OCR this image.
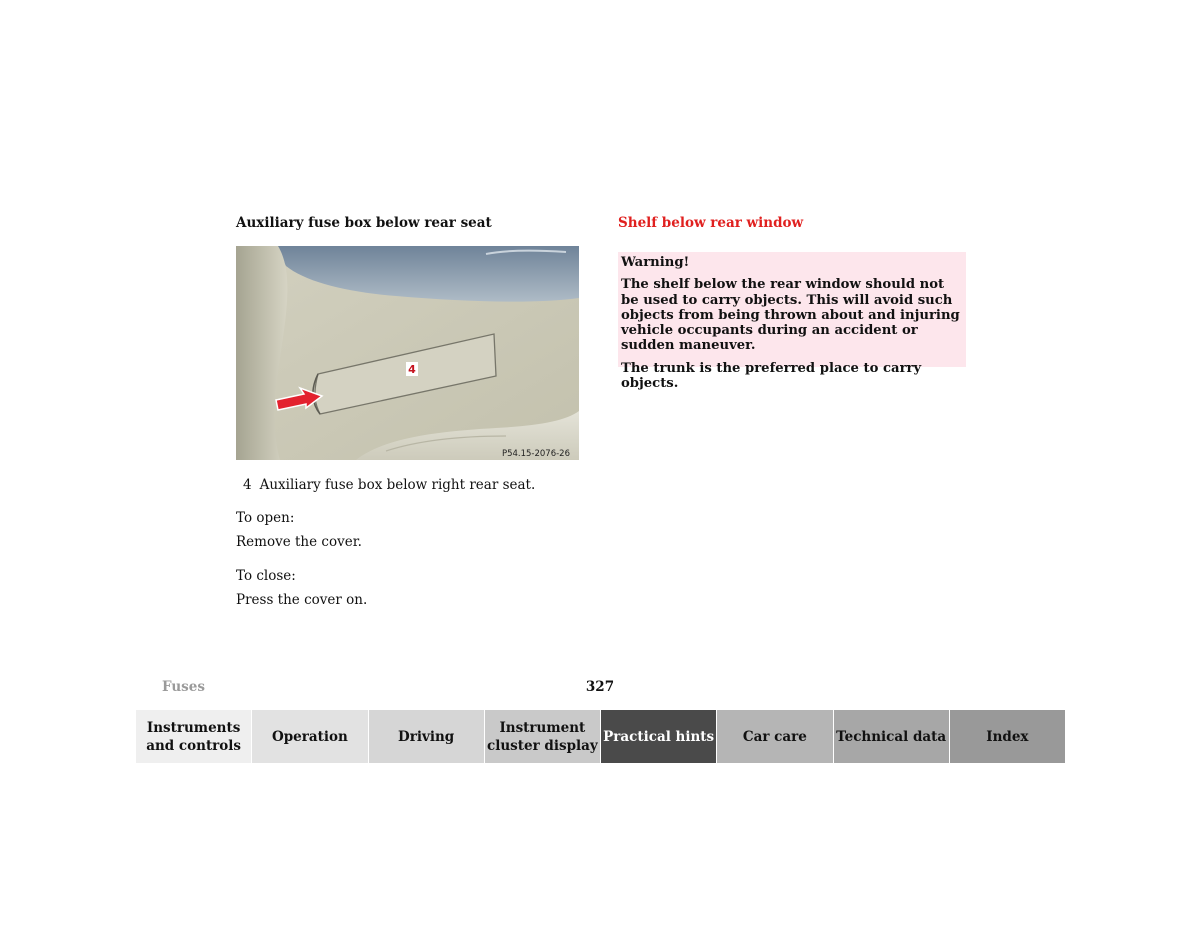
Auxiliary fuse box below rear seat
4
P54.15-2076-26
4 Auxiliary fuse box below right rear seat.
To open:
Remove the cover.
To close:
Press the cover on.
Shelf below rear window

Warning!

The shelf below the rear window should not be used to carry objects. This will avoid such objects from being thrown about and injuring vehicle occupants during an accident or sudden maneuver.

The trunk is the preferred place to carry objects.

Fuses	327
Instruments and controls
Operation	Driving
Instrument cluster display
Practical hints	Car care	Technical data	Index
